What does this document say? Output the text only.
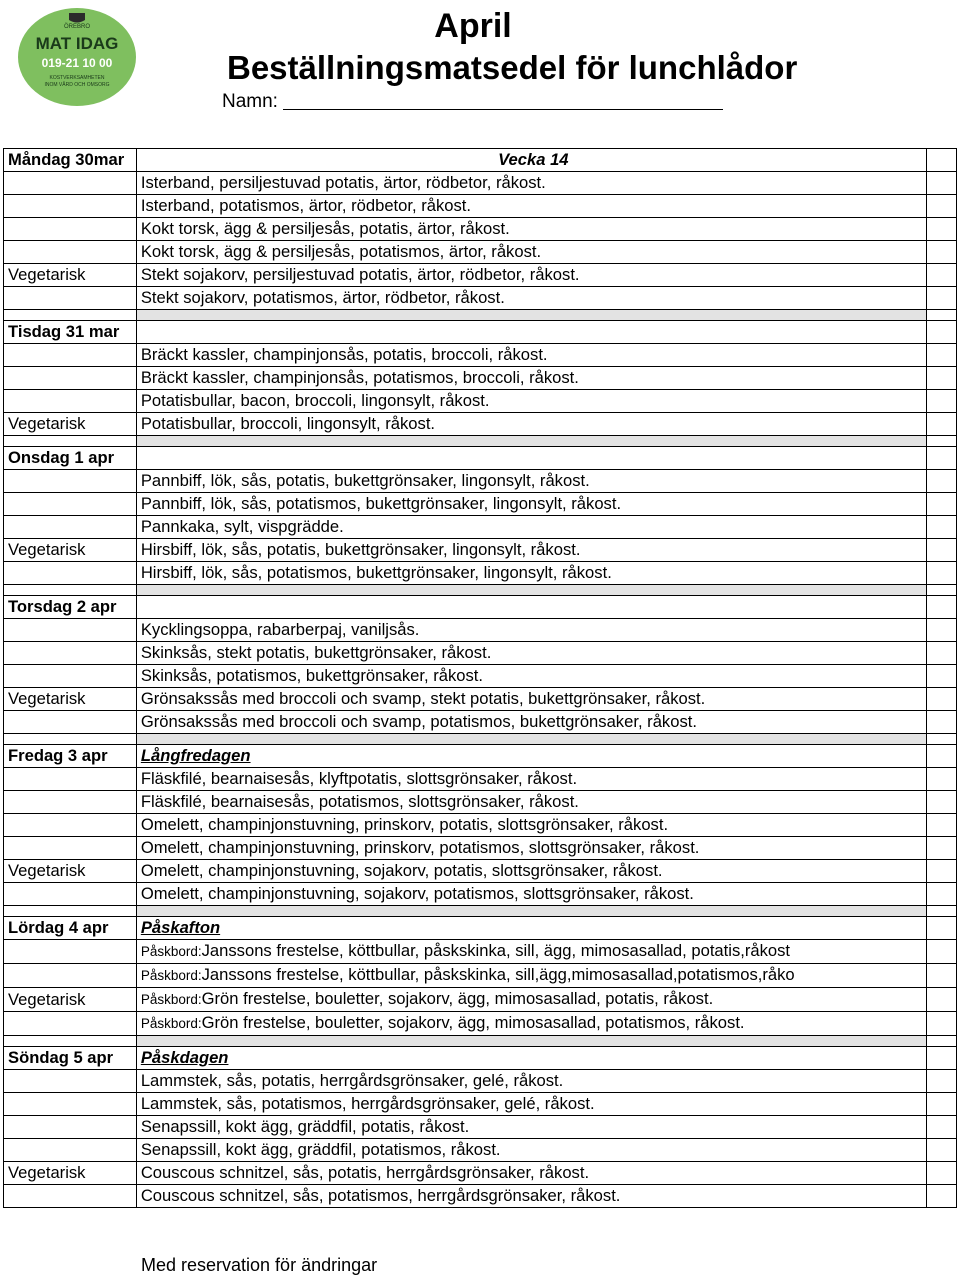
ÖREBRO
MAT IDAG
019-21 10 00
KOSTVERKSAMHETEN
INOM VÅRD OCH OMSORG
April
Beställningsmatsedel för lunchlådor
Namn:
Måndag 30mar	Vecka 14	
	Isterband, persiljestuvad potatis, ärtor, rödbetor, råkost.	
	Isterband, potatismos, ärtor, rödbetor, råkost.	
	Kokt torsk, ägg & persiljesås, potatis, ärtor, råkost.	
	Kokt torsk, ägg & persiljesås, potatismos, ärtor, råkost.	
Vegetarisk	Stekt sojakorv, persiljestuvad potatis, ärtor, rödbetor, råkost.	
	Stekt sojakorv, potatismos, ärtor, rödbetor, råkost.	

Tisdag 31 mar		
	Bräckt kassler, champinjonsås, potatis, broccoli, råkost.	
	Bräckt kassler, champinjonsås, potatismos, broccoli, råkost.	
	Potatisbullar, bacon, broccoli, lingonsylt, råkost.	
Vegetarisk	Potatisbullar, broccoli, lingonsylt, råkost.	

Onsdag 1 apr		
	Pannbiff, lök, sås, potatis, bukettgrönsaker, lingonsylt, råkost.	
	Pannbiff, lök, sås, potatismos, bukettgrönsaker, lingonsylt, råkost.	
	Pannkaka, sylt, vispgrädde.	
Vegetarisk	Hirsbiff, lök, sås, potatis, bukettgrönsaker, lingonsylt, råkost.	
	Hirsbiff, lök, sås, potatismos, bukettgrönsaker, lingonsylt, råkost.	

Torsdag 2 apr		
	Kycklingsoppa, rabarberpaj, vaniljsås.	
	Skinksås, stekt potatis, bukettgrönsaker, råkost.	
	Skinksås, potatismos, bukettgrönsaker, råkost.	
Vegetarisk	Grönsakssås med broccoli och svamp, stekt potatis, bukettgrönsaker, råkost.	
	Grönsakssås med broccoli och svamp, potatismos, bukettgrönsaker, råkost.	

Fredag 3 apr	Långfredagen	
	Fläskfilé, bearnaisesås, klyftpotatis, slottsgrönsaker, råkost.	
	Fläskfilé, bearnaisesås, potatismos, slottsgrönsaker, råkost.	
	Omelett, champinjonstuvning, prinskorv, potatis, slottsgrönsaker, råkost.	
	Omelett, champinjonstuvning, prinskorv, potatismos, slottsgrönsaker, råkost.	
Vegetarisk	Omelett, champinjonstuvning, sojakorv, potatis, slottsgrönsaker, råkost.	
	Omelett, champinjonstuvning, sojakorv, potatismos, slottsgrönsaker, råkost.	

Lördag 4 apr	Påskafton	
	Påskbord:Janssons frestelse, köttbullar, påskskinka, sill, ägg, mimosasallad, potatis,råkost	
	Påskbord:Janssons frestelse, köttbullar, påskskinka, sill,ägg,mimosasallad,potatismos,råko	
Vegetarisk	Påskbord:Grön frestelse, bouletter, sojakorv, ägg, mimosasallad, potatis, råkost.	
	Påskbord:Grön frestelse, bouletter, sojakorv, ägg, mimosasallad, potatismos, råkost.	

Söndag 5 apr	Påskdagen	
	Lammstek, sås, potatis, herrgårdsgrönsaker, gelé, råkost.	
	Lammstek, sås, potatismos, herrgårdsgrönsaker, gelé, råkost.	
	Senapssill, kokt ägg, gräddfil, potatis, råkost.	
	Senapssill, kokt ägg, gräddfil, potatismos, råkost.	
Vegetarisk	Couscous schnitzel, sås, potatis, herrgårdsgrönsaker, råkost.	
	Couscous schnitzel, sås, potatismos, herrgårdsgrönsaker, råkost.	
Med reservation för ändringar
